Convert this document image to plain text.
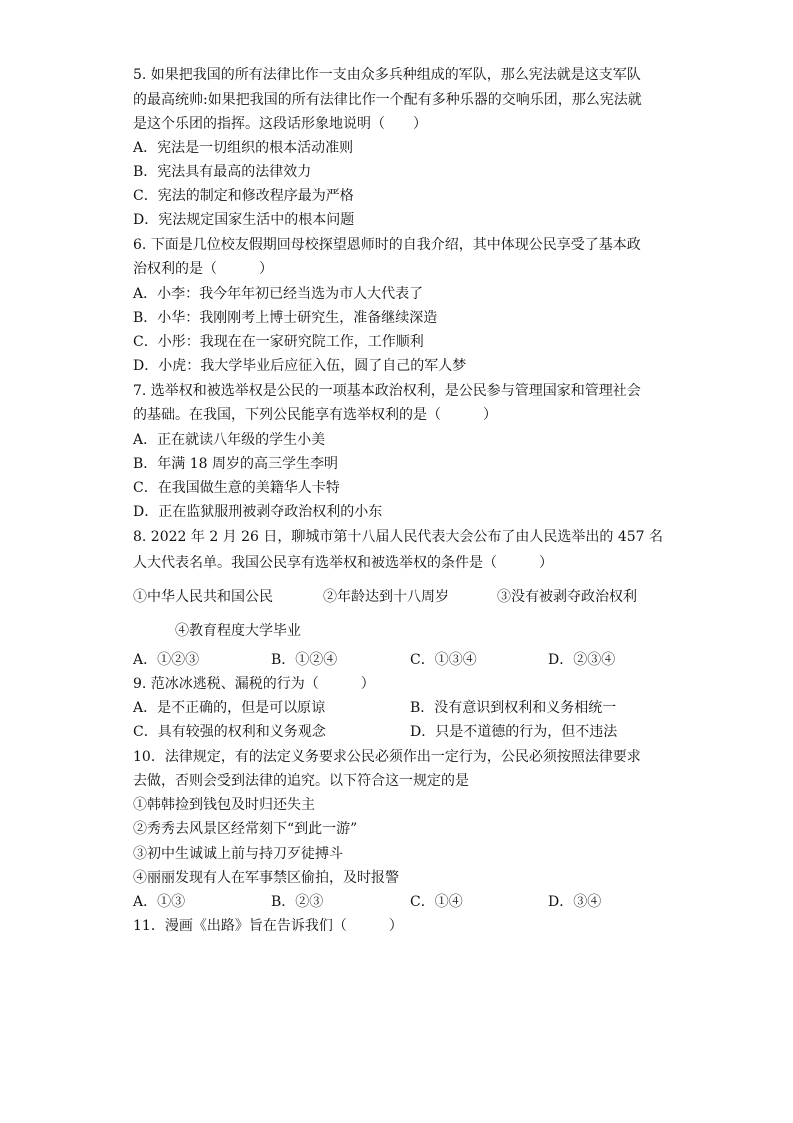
5. 如果把我国的所有法律比作一支由众多兵种组成的军队，那么宪法就是这支军队
的最高统帅:如果把我国的所有法律比作一个配有多种乐器的交响乐团，那么宪法就
是这个乐团的指挥。这段话形象地说明（　　）
A．宪法是一切组织的根本活动准则
B．宪法具有最高的法律效力
C．宪法的制定和修改程序最为严格
D．宪法规定国家生活中的根本问题
6. 下面是几位校友假期回母校探望恩师时的自我介绍，其中体现公民享受了基本政
治权利的是（　　　）
A．小李：我今年年初已经当选为市人大代表了
B．小华：我刚刚考上博士研究生，准备继续深造
C．小彤：我现在在一家研究院工作，工作顺利
D．小虎：我大学毕业后应征入伍，圆了自己的军人梦
7. 选举权和被选举权是公民的一项基本政治权利，是公民参与管理国家和管理社会
的基础。在我国，下列公民能享有选举权利的是（　　　）
A．正在就读八年级的学生小美
B．年满 18 周岁的高三学生李明
C．在我国做生意的美籍华人卡特
D．正在监狱服刑被剥夺政治权利的小东
8. 2022 年 2 月 26 日，聊城市第十八届人民代表大会公布了由人民选举出的 457 名
人大代表名单。我国公民享有选举权和被选举权的条件是（　　　）
①中华人民共和国公民	②年龄达到十八周岁	③没有被剥夺政治权利
④教育程度大学毕业
A．①②③	B．①②④	C．①③④	D．②③④
9. 范冰冰逃税、漏税的行为（　　　）
A．是不正确的，但是可以原谅	B．没有意识到权利和义务相统一
C．具有较强的权利和义务观念	D．只是不道德的行为，但不违法
10．法律规定，有的法定义务要求公民必须作出一定行为，公民必须按照法律要求
去做，否则会受到法律的追究。以下符合这一规定的是
①韩韩捡到钱包及时归还失主
②秀秀去风景区经常刻下“到此一游”
③初中生诚诚上前与持刀歹徒搏斗
④丽丽发现有人在军事禁区偷拍，及时报警
A．①③	B．②③	C．①④	D．③④
11．漫画《出路》旨在告诉我们（　　　）
